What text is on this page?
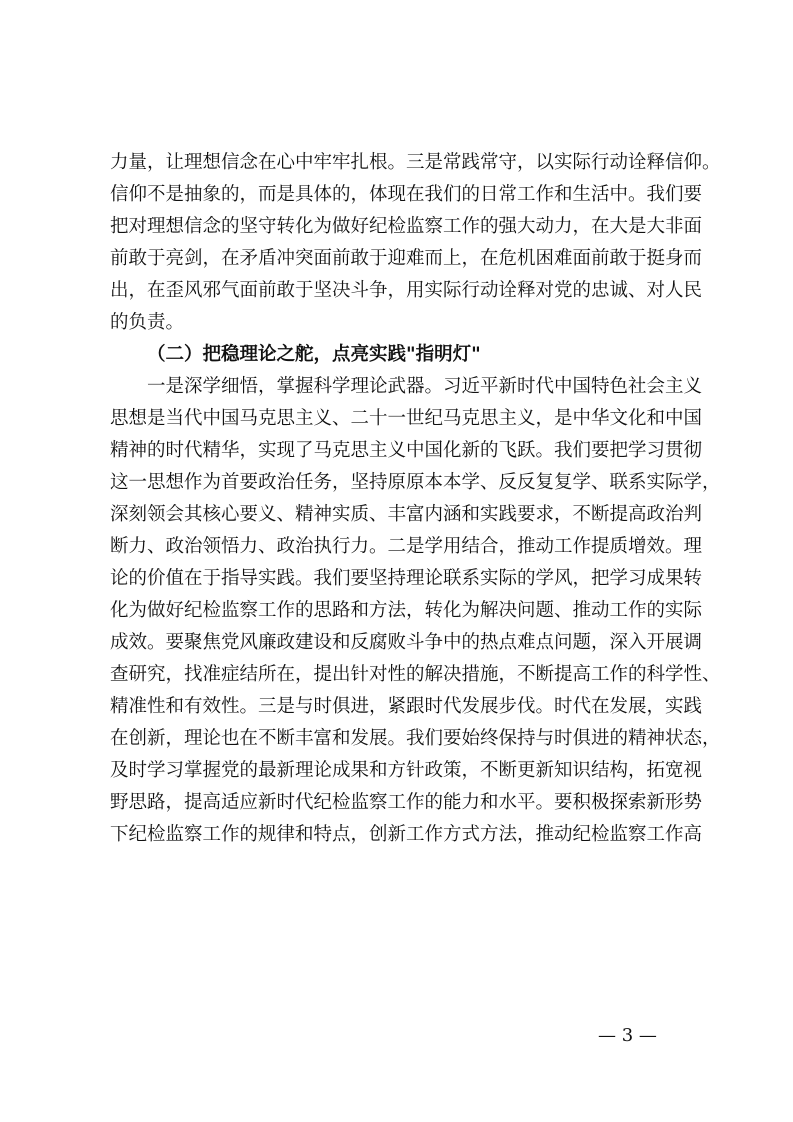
力量，让理想信念在心中牢牢扎根。三是常践常守，以实际行动诠释信仰。
信仰不是抽象的，而是具体的，体现在我们的日常工作和生活中。我们要
把对理想信念的坚守转化为做好纪检监察工作的强大动力，在大是大非面
前敢于亮剑，在矛盾冲突面前敢于迎难而上，在危机困难面前敢于挺身而
出，在歪风邪气面前敢于坚决斗争，用实际行动诠释对党的忠诚、对人民
的负责。
（二）把稳理论之舵，点亮实践"指明灯"
一是深学细悟，掌握科学理论武器。习近平新时代中国特色社会主义
思想是当代中国马克思主义、二十一世纪马克思主义，是中华文化和中国
精神的时代精华，实现了马克思主义中国化新的飞跃。我们要把学习贯彻
这一思想作为首要政治任务，坚持原原本本学、反反复复学、联系实际学，
深刻领会其核心要义、精神实质、丰富内涵和实践要求，不断提高政治判
断力、政治领悟力、政治执行力。二是学用结合，推动工作提质增效。理
论的价值在于指导实践。我们要坚持理论联系实际的学风，把学习成果转
化为做好纪检监察工作的思路和方法，转化为解决问题、推动工作的实际
成效。要聚焦党风廉政建设和反腐败斗争中的热点难点问题，深入开展调
查研究，找准症结所在，提出针对性的解决措施，不断提高工作的科学性、
精准性和有效性。三是与时俱进，紧跟时代发展步伐。时代在发展，实践
在创新，理论也在不断丰富和发展。我们要始终保持与时俱进的精神状态，
及时学习掌握党的最新理论成果和方针政策，不断更新知识结构，拓宽视
野思路，提高适应新时代纪检监察工作的能力和水平。要积极探索新形势
下纪检监察工作的规律和特点，创新工作方式方法，推动纪检监察工作高
— 3 —
